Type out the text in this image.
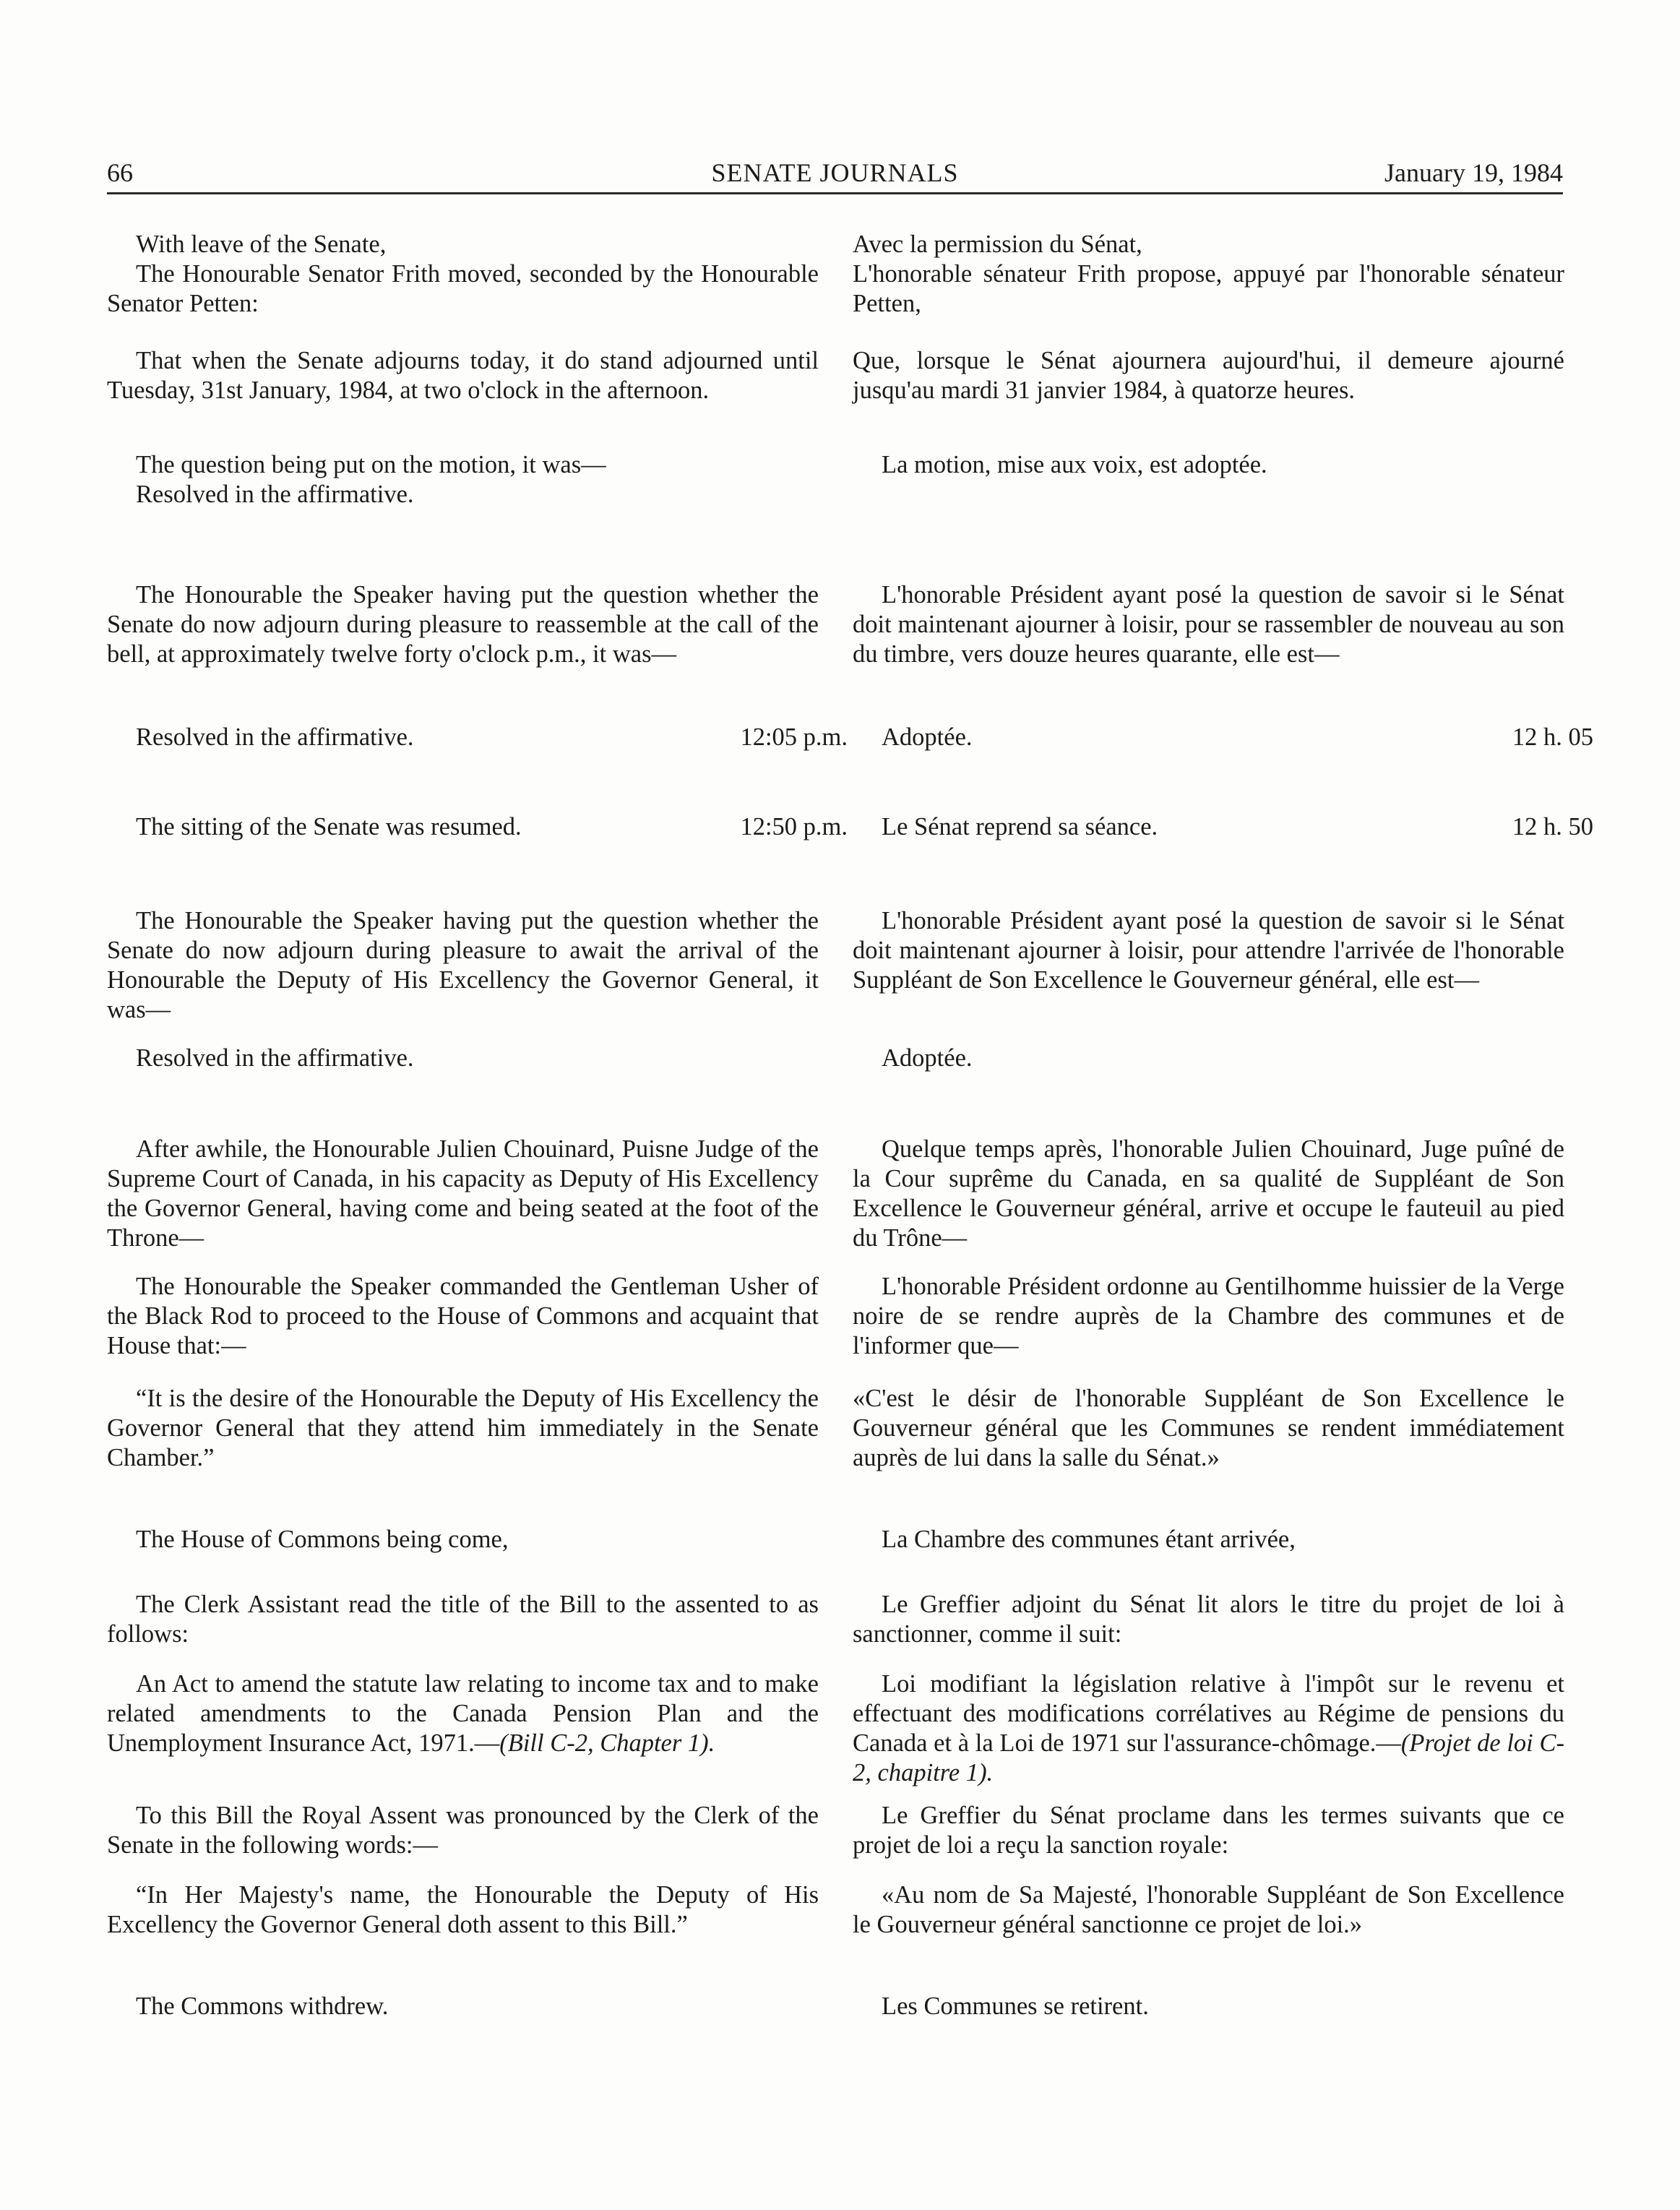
66	SENATE JOURNALS	January 19, 1984

With leave of the Senate,

The Honourable Senator Frith moved, seconded by the Honourable Senator Petten:

That when the Senate adjourns today, it do stand adjourned until Tuesday, 31st January, 1984, at two o'clock in the afternoon.

The question being put on the motion, it was—

Resolved in the affirmative.

The Honourable the Speaker having put the question whether the Senate do now adjourn during pleasure to reassemble at the call of the bell, at approximately twelve forty o'clock p.m., it was—

Resolved in the affirmative.	12:05 p.m.
The sitting of the Senate was resumed.	12:50 p.m.

The Honourable the Speaker having put the question whether the Senate do now adjourn during pleasure to await the arrival of the Honourable the Deputy of His Excellency the Governor General, it was—

Resolved in the affirmative.

After awhile, the Honourable Julien Chouinard, Puisne Judge of the Supreme Court of Canada, in his capacity as Deputy of His Excellency the Governor General, having come and being seated at the foot of the Throne—

The Honourable the Speaker commanded the Gentleman Usher of the Black Rod to proceed to the House of Commons and acquaint that House that:—

“It is the desire of the Honourable the Deputy of His Excellency the Governor General that they attend him immediately in the Senate Chamber.”

The House of Commons being come,

The Clerk Assistant read the title of the Bill to the assented to as follows:

An Act to amend the statute law relating to income tax and to make related amendments to the Canada Pension Plan and the Unemployment Insurance Act, 1971.—(Bill C-2, Chapter 1).

To this Bill the Royal Assent was pronounced by the Clerk of the Senate in the following words:—

“In Her Majesty's name, the Honourable the Deputy of His Excellency the Governor General doth assent to this Bill.”

The Commons withdrew.

Avec la permission du Sénat,

L'honorable sénateur Frith propose, appuyé par l'honorable sénateur Petten,

Que, lorsque le Sénat ajournera aujourd'hui, il demeure ajourné jusqu'au mardi 31 janvier 1984, à quatorze heures.

La motion, mise aux voix, est adoptée.

L'honorable Président ayant posé la question de savoir si le Sénat doit maintenant ajourner à loisir, pour se rassembler de nouveau au son du timbre, vers douze heures quarante, elle est—

Adoptée.	12 h. 05
Le Sénat reprend sa séance.	12 h. 50

L'honorable Président ayant posé la question de savoir si le Sénat doit maintenant ajourner à loisir, pour attendre l'arrivée de l'honorable Suppléant de Son Excellence le Gouverneur général, elle est—

Adoptée.

Quelque temps après, l'honorable Julien Chouinard, Juge puîné de la Cour suprême du Canada, en sa qualité de Suppléant de Son Excellence le Gouverneur général, arrive et occupe le fauteuil au pied du Trône—

L'honorable Président ordonne au Gentilhomme huissier de la Verge noire de se rendre auprès de la Chambre des communes et de l'informer que—

«C'est le désir de l'honorable Suppléant de Son Excellence le Gouverneur général que les Communes se rendent immédiatement auprès de lui dans la salle du Sénat.»

La Chambre des communes étant arrivée,

Le Greffier adjoint du Sénat lit alors le titre du projet de loi à sanctionner, comme il suit:

Loi modifiant la législation relative à l'impôt sur le revenu et effectuant des modifications corrélatives au Régime de pensions du Canada et à la Loi de 1971 sur l'assurance-chômage.—(Projet de loi C-2, chapitre 1).

Le Greffier du Sénat proclame dans les termes suivants que ce projet de loi a reçu la sanction royale:

«Au nom de Sa Majesté, l'honorable Suppléant de Son Excellence le Gouverneur général sanctionne ce projet de loi.»

Les Communes se retirent.
